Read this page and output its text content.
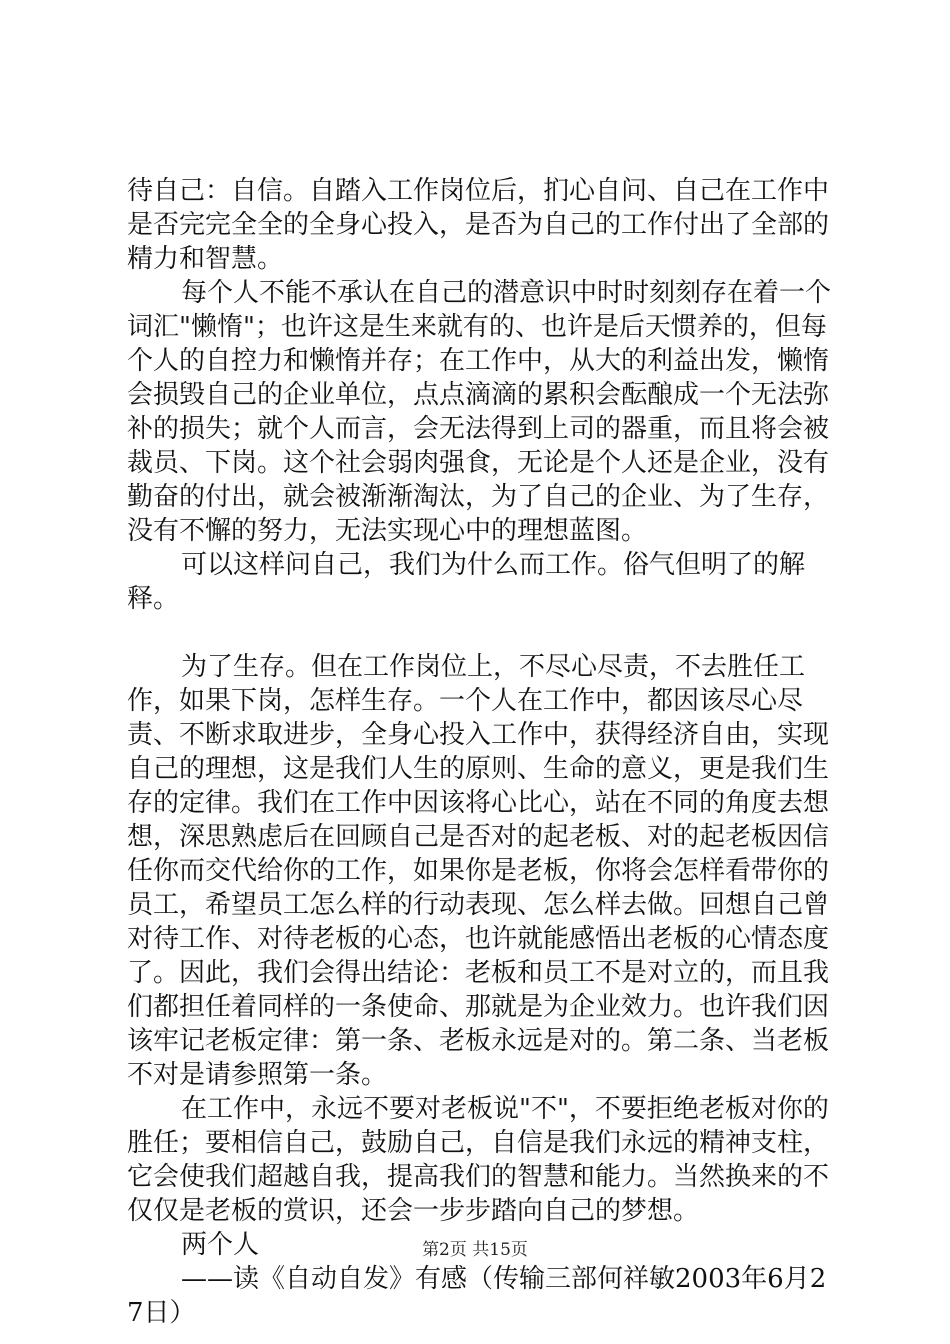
待自己：自信。自踏入工作岗位后，扪心自问、自己在工作中是否完完全全的全身心投入，是否为自己的工作付出了全部的精力和智慧。

每个人不能不承认在自己的潜意识中时时刻刻存在着一个词汇"懒惰"；也许这是生来就有的、也许是后天惯养的，但每个人的自控力和懒惰并存；在工作中，从大的利益出发，懒惰会损毁自己的企业单位，点点滴滴的累积会酝酿成一个无法弥补的损失；就个人而言，会无法得到上司的器重，而且将会被裁员、下岗。这个社会弱肉强食，无论是个人还是企业，没有勤奋的付出，就会被渐渐淘汰，为了自己的企业、为了生存，没有不懈的努力，无法实现心中的理想蓝图。

可以这样问自己，我们为什么而工作。俗气但明了的解释。

为了生存。但在工作岗位上，不尽心尽责，不去胜任工作，如果下岗，怎样生存。一个人在工作中，都因该尽心尽责、不断求取进步，全身心投入工作中，获得经济自由，实现自己的理想，这是我们人生的原则、生命的意义，更是我们生存的定律。我们在工作中因该将心比心，站在不同的角度去想想，深思熟虑后在回顾自己是否对的起老板、对的起老板因信任你而交代给你的工作，如果你是老板，你将会怎样看带你的员工，希望员工怎么样的行动表现、怎么样去做。回想自己曾对待工作、对待老板的心态，也许就能感悟出老板的心情态度了。因此，我们会得出结论：老板和员工不是对立的，而且我们都担任着同样的一条使命、那就是为企业效力。也许我们因该牢记老板定律：第一条、老板永远是对的。第二条、当老板不对是请参照第一条。

在工作中，永远不要对老板说"不"，不要拒绝老板对你的胜任；要相信自己，鼓励自己，自信是我们永远的精神支柱，它会使我们超越自我，提高我们的智慧和能力。当然换来的不仅仅是老板的赏识，还会一步步踏向自己的梦想。

两个人

——读《自动自发》有感（传输三部何祥敏2003年6月27日）

第2页 共15页
